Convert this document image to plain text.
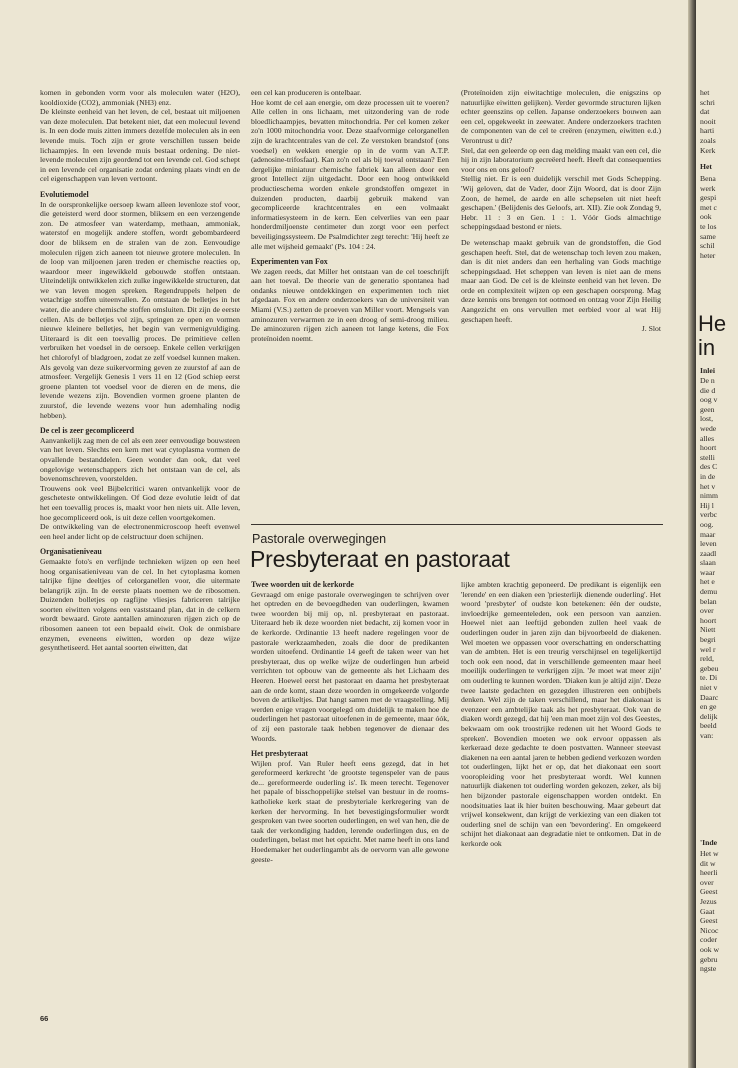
komen in gebonden vorm voor als moleculen water (H2O), kooldioxide (CO2), ammoniak (NH3) enz.

De kleinste eenheid van het leven, de cel, bestaat uit miljoenen van deze moleculen. Dat betekent niet, dat een molecuul levend is. In een dode muis zitten immers dezelfde moleculen als in een levende muis. Toch zijn er grote verschillen tussen beide lichaampjes. In een levende muis bestaat ordening. De niet-levende moleculen zijn geordend tot een levende cel. God schept in een levende cel organisatie zodat ordening plaats vindt en de cel eigenschappen van leven vertoont.

Evolutiemodel

In de oorspronkelijke oersoep kwam alleen levenloze stof voor, die geteisterd werd door stormen, bliksem en een verzengende zon. De atmosfeer van waterdamp, methaan, ammoniak, waterstof en mogelijk andere stoffen, wordt gebombardeerd door de bliksem en de stralen van de zon. Eenvoudige moleculen rijgen zich aaneen tot nieuwe grotere moleculen. In de loop van miljoenen jaren treden er chemische reacties op, waardoor meer ingewikkeld gebouwde stoffen ontstaan. Uiteindelijk ontwikkelen zich zulke ingewikkelde structuren, dat we van leven mogen spreken. Regendruppels helpen de vetachtige stoffen uiteenvallen. Zo ontstaan de belletjes in het water, die andere chemische stoffen omsluiten. Dit zijn de eerste cellen. Als de belletjes vol zijn, springen ze open en vormen nieuwe kleinere belletjes, het begin van vermenigvuldiging. Uiteraard is dit een toevallig proces. De primitieve cellen verbruiken het voedsel in de oersoep. Enkele cellen verkrijgen het chlorofyl of bladgroen, zodat ze zelf voedsel kunnen maken. Als gevolg van deze suikervorming geven ze zuurstof af aan de atmosfeer. Vergelijk Genesis 1 vers 11 en 12 (God schiep eerst groene planten tot voedsel voor de dieren en de mens, die levende wezens zijn. Bovendien vormen groene planten de zuurstof, die levende wezens voor hun ademhaling nodig hebben).

De cel is zeer gecompliceerd

Aanvankelijk zag men de cel als een zeer eenvoudige bouwsteen van het leven. Slechts een kern met wat cytoplasma vormen de opvallende bestanddelen. Geen wonder dan ook, dat veel ongelovige wetenschappers zich het ontstaan van de cel, als bovenomschreven, voorstelden.

Trouwens ook veel Bijbelcritici waren ontvankelijk voor de gescheteste ontwikkelingen. Of God deze evolutie leidt of dat het een toevallig proces is, maakt voor hen niets uit. Alle leven, hoe gecompliceerd ook, is uit deze cellen voortgekomen.

De ontwikkeling van de electronenmicroscoop heeft evenwel een heel ander licht op de celstructuur doen schijnen.

Organisatieniveau

Gemaakte foto's en verfijnde technieken wijzen op een heel hoog organisatieniveau van de cel. In het cytoplasma komen talrijke fijne deeltjes of celorganellen voor, die uitermate belangrijk zijn. In de eerste plaats noemen we de ribosomen. Duizenden bolletjes op ragfijne vliesjes fabriceren talrijke soorten eiwitten volgens een vaststaand plan, dat in de celkern wordt bewaard. Grote aantallen aminozuren rijgen zich op de ribosomen aaneen tot een bepaald eiwit. Ook de onmisbare enzymen, eveneens eiwitten, worden op deze wijze gesynthetiseerd. Het aantal soorten eiwitten, dat

een cel kan produceren is ontelbaar.

Hoe komt de cel aan energie, om deze processen uit te voeren? Alle cellen in ons lichaam, met uitzondering van de rode bloedlichaampjes, bevatten mitochondria. Per cel komen zeker zo'n 1000 mitochondria voor. Deze staafvormige celorganellen zijn de krachtcentrales van de cel. Ze verstoken brandstof (ons voedsel) en wekken energie op in de vorm van A.T.P. (adenosine-trifosfaat). Kan zo'n cel als bij toeval ontstaan? Een dergelijke miniatuur chemische fabriek kan alleen door een groot Intellect zijn uitgedacht. Door een hoog ontwikkeld productieschema worden enkele grondstoffen omgezet in duizenden producten, daarbij gebruik makend van gecompliceerde krachtcentrales en een volmaakt informatiesysteem in de kern. Een celverlies van een paar honderdmiljoenste centimeter dun zorgt voor een perfect beveiligingssysteem. De Psalmdichter zegt terecht: 'Hij heeft ze alle met wijsheid gemaakt' (Ps. 104 : 24.

Experimenten van Fox

We zagen reeds, dat Miller het ontstaan van de cel toeschrijft aan het toeval. De theorie van de generatio spontanea had ondanks nieuwe ontdekkingen en experimenten toch niet afgedaan. Fox en andere onderzoekers van de universiteit van Miami (V.S.) zetten de proeven van Miller voort. Mengsels van aminozuren verwarmen ze in een droog of semi-droog milieu. De aminozuren rijgen zich aaneen tot lange ketens, die Fox proteïnoiden noemt.

(Proteïnoiden zijn eiwitachtige moleculen, die enigszins op natuurlijke eiwitten gelijken). Verder gevormde structuren lijken echter geenszins op cellen. Japanse onderzoekers bouwen aan een cel, opgekweekt in zeewater. Andere onderzoekers trachten de componenten van de cel te creëren (enzymen, eiwitten e.d.) Verontrust u dit?

Stel, dat een geleerde op een dag melding maakt van een cel, die hij in zijn laboratorium gecreëerd heeft. Heeft dat consequenties voor ons en ons geloof?

Stellig niet. Er is een duidelijk verschil met Gods Schepping. 'Wij geloven, dat de Vader, door Zijn Woord, dat is door Zijn Zoon, de hemel, de aarde en alle schepselen uit niet heeft geschapen.' (Belijdenis des Geloofs, art. XII). Zie ook Zondag 9, Hebr. 11 : 3 en Gen. 1 : 1. Vóór Gods almachtige scheppingsdaad bestond er niets.

De wetenschap maakt gebruik van de grondstoffen, die God geschapen heeft. Stel, dat de wetenschap toch leven zou maken, dan is dit niet anders dan een herhaling van Gods machtige scheppingsdaad. Het scheppen van leven is niet aan de mens maar aan God. De cel is de kleinste eenheid van het leven. De orde en complexiteit wijzen op een geschapen oorsprong. Mag deze kennis ons brengen tot ootmoed en ontzag voor Zijn Heilig Aangezicht en ons vervullen met eerbied voor al wat Hij geschapen heeft.

J. Slot

Pastorale overwegingen
Presbyteraat en pastoraat
Twee woorden uit de kerkorde

Gevraagd om enige pastorale overwegingen te schrijven over het optreden en de bevoegdheden van ouderlingen, kwamen twee woorden bij mij op, nl. presbyteraat en pastoraat. Uiteraard heb ik deze woorden niet bedacht, zij komen voor in de kerkorde. Ordinantie 13 heeft nadere regelingen voor de pastorale werkzaamheden, zoals die door de predikanten worden uitoefend. Ordinantie 14 geeft de taken weer van het presbyteraat, dus op welke wijze de ouderlingen hun arbeid verrichten tot opbouw van de gemeente als het Lichaam des Heeren. Hoewel eerst het pastoraat en daarna het presbyteraat aan de orde komt, staan deze woorden in omgekeerde volgorde boven de artikeltjes. Dat hangt samen met de vraagstelling. Mij werden enige vragen voorgelegd om duidelijk te maken hoe de ouderlingen het pastoraat uitoefenen in de gemeente, maar óók, of zij een pastorale taak hebben tegenover de dienaar des Woords.

Het presbyteraat

Wijlen prof. Van Ruler heeft eens gezegd, dat in het gereformeerd kerkrecht 'de grootste tegenspeler van de paus de... gereformeerde ouderling is'. Ik meen terecht. Tegenover het papale of bisschoppelijke stelsel van bestuur in de rooms-katholieke kerk staat de presbyteriale kerkregering van de kerken der hervorming. In het bevestigingsformulier wordt gesproken van twee soorten ouderlingen, en wel van hen, die de taak der verkondiging hadden, lerende ouderlingen dus, en de ouderlingen, belast met het opzicht. Met name heeft in ons land Hoedemaker het ouderlingambt als de oervorm van alle gewone geeste-

lijke ambten krachtig geponeerd. De predikant is eigenlijk een 'lerende' en een diaken een 'priesterlijk dienende ouderling'. Het woord 'presbyter' of oudste kon betekenen: één der oudste, invloedrijke gemeenteleden, ook een persoon van aanzien. Hoewel niet aan leeftijd gebonden zullen heel vaak de ouderlingen ouder in jaren zijn dan bijvoorbeeld de diakenen. Wel moeten we oppassen voor overschatting en onderschatting van de ambten. Het is een treurig verschijnsel en tegelijkertijd toch ook een nood, dat in verschillende gemeenten maar heel moeilijk ouderlingen te verkrijgen zijn. 'Je moet wat meer zijn' om ouderling te kunnen worden. 'Diaken kun je altijd zijn'. Deze twee laatste gedachten en gezegden illustreren een onbijbels denken. Wel zijn de taken verschillend, maar het diakonaat is evenzeer een ambtelijke taak als het presbyteraat. Ook van de diaken wordt gezegd, dat hij 'een man moet zijn vol des Geestes, bekwaam om ook troostrijke redenen uit het Woord Gods te spreken'. Bovendien moeten we ook ervoor oppassen als kerkeraad deze gedachte te doen postvatten. Wanneer steevast diakenen na een aantal jaren te hebben gediend verkozen worden tot ouderlingen, lijkt het er op, dat het diakonaat een soort vooropleiding voor het presbyteraat wordt. Wel kunnen natuurlijk diakenen tot ouderling worden gekozen, zeker, als bij hen bijzonder pastorale eigenschappen worden ontdekt. En noodsituaties laat ik hier buiten beschouwing. Maar gebeurt dat vrijwel konsekwent, dan krijgt de verkiezing van een diaken tot ouderling snel de schijn van een 'bevordering'. En omgekeerd schijnt het diakonaat aan degradatie niet te ontkomen. Dat in de kerkorde ook

66

het

schri

dat

nooit

harti

zoals

Kerk

Het

Bena

werk

gespi

met c

ook

te los

same

schil

heter

He
in
Inlei

De n

die d

oog v

geen

lost,

wede

alles

hoort

stelli

des C

in de

het v

nimm

Hij l

verbc

oog.

maar

leven

zaadl

slaan

waar

het e

demu

belan

over

hoort

Niett

begri

wel r

reld,

gebeu

te. Di

niet v

Daarc

en ge

delijk

beeld

van:

'Inde

Het w

dit w

heerli

over

Geest

Jezus

Gaat

Geest

Nicoc

coder

ook w

gebru

ngste
